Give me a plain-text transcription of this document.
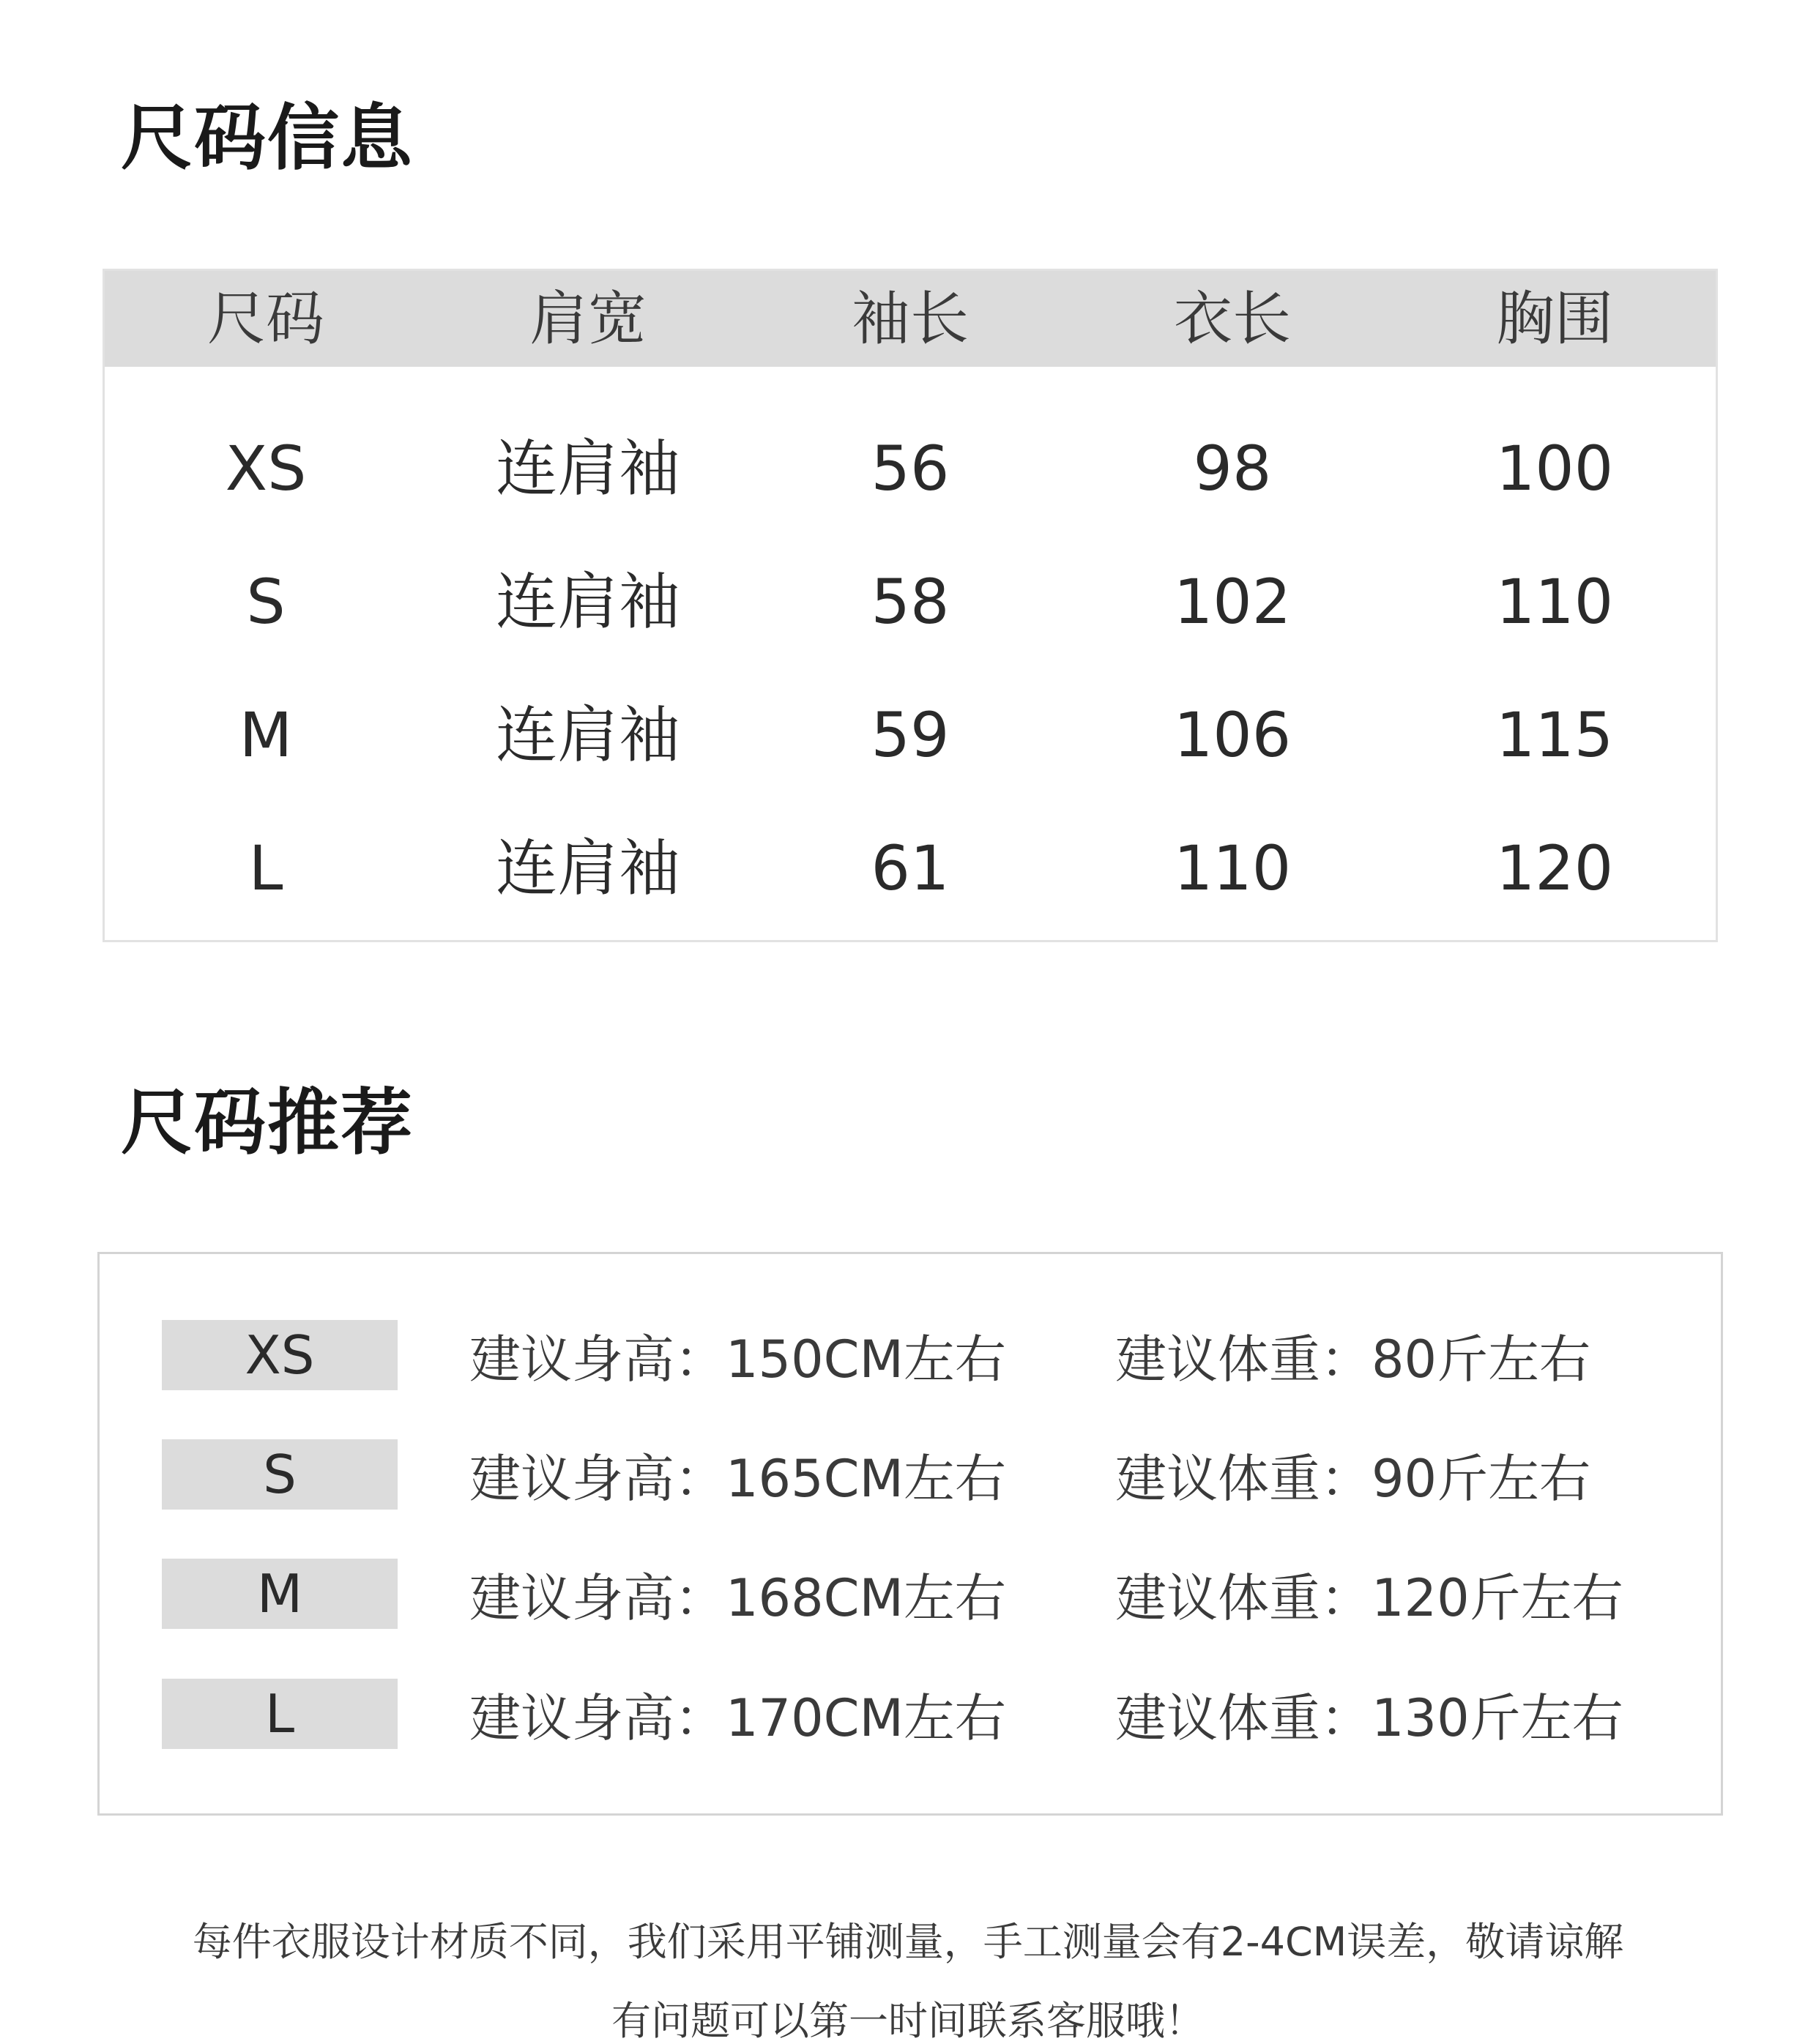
尺码信息
尺码	肩宽	袖长	衣长	胸围
XS	连肩袖	56	98	100
S	连肩袖	58	102	110
M	连肩袖	59	106	115
L	连肩袖	61	110	120
尺码推荐
XS	建议身高：150CM左右 建议体重：80斤左右
S	建议身高：165CM左右 建议体重：90斤左右
M	建议身高：168CM左右 建议体重：120斤左右
L	建议身高：170CM左右 建议体重：130斤左右

每件衣服设计材质不同，我们采用平铺测量，手工测量会有2-4CM误差，敬请谅解

有问题可以第一时间联系客服哦！
